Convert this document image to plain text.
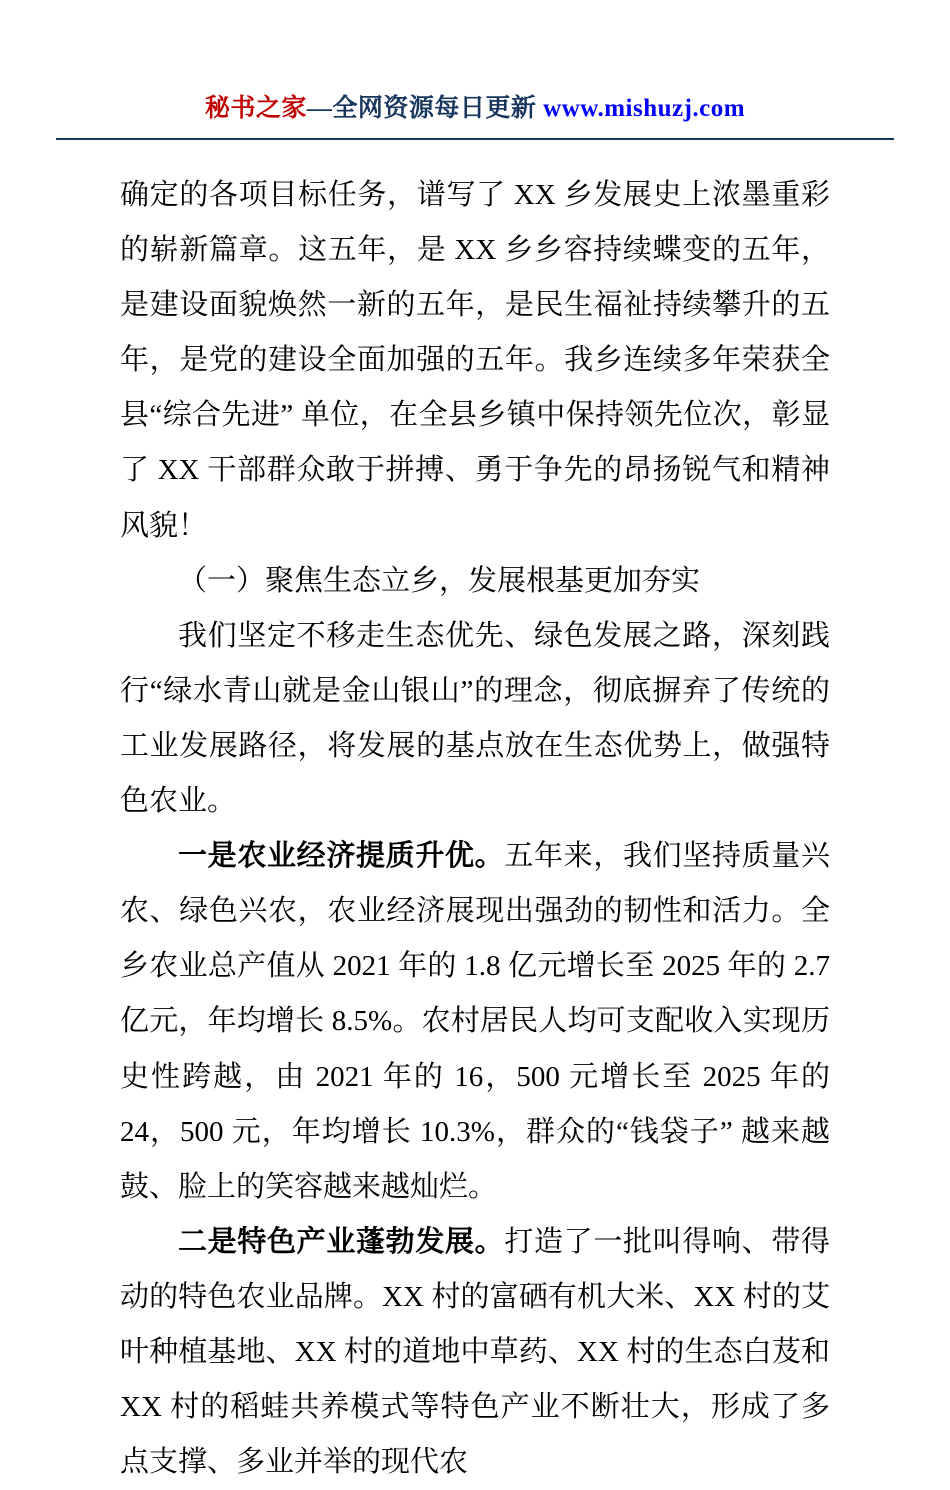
秘书之家—全网资源每日更新 www.mishuzj.com

确定的各项目标任务，谱写了 XX 乡发展史上浓墨重彩的崭新篇章。这五年，是 XX 乡乡容持续蝶变的五年，是建设面貌焕然一新的五年，是民生福祉持续攀升的五年，是党的建设全面加强的五年。我乡连续多年荣获全县“综合先进” 单位，在全县乡镇中保持领先位次，彰显了 XX 干部群众敢于拼搏、勇于争先的昂扬锐气和精神风貌！

（一）聚焦生态立乡，发展根基更加夯实

我们坚定不移走生态优先、绿色发展之路，深刻践行“绿水青山就是金山银山”的理念，彻底摒弃了传统的工业发展路径，将发展的基点放在生态优势上，做强特色农业。

一是农业经济提质升优。五年来，我们坚持质量兴农、绿色兴农，农业经济展现出强劲的韧性和活力。全乡农业总产值从 2021 年的 1.8 亿元增长至 2025 年的 2.7 亿元，年均增长 8.5%。农村居民人均可支配收入实现历史性跨越，由 2021 年的 16，500 元增长至 2025 年的 24，500 元，年均增长 10.3%，群众的“钱袋子” 越来越鼓、脸上的笑容越来越灿烂。

二是特色产业蓬勃发展。打造了一批叫得响、带得动的特色农业品牌。XX 村的富硒有机大米、XX 村的艾叶种植基地、XX 村的道地中草药、XX 村的生态白芨和 XX 村的稻蛙共养模式等特色产业不断壮大，形成了多点支撑、多业并举的现代农
